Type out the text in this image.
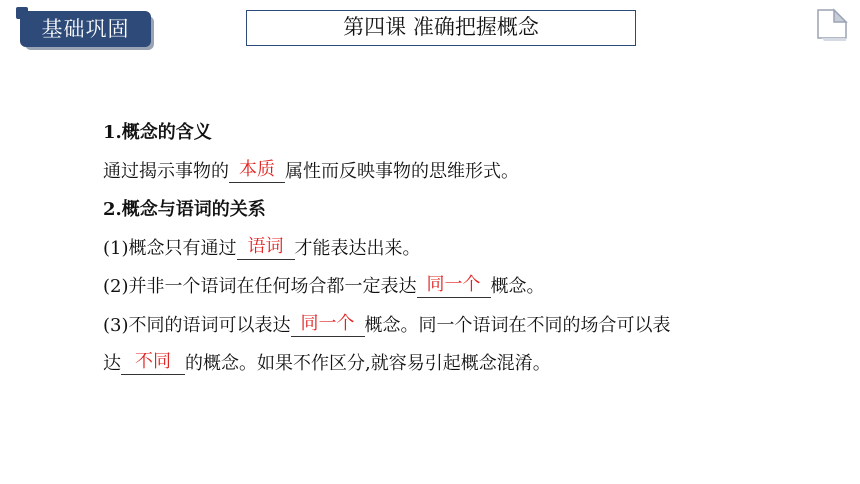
基础巩固	第四课 准确把握概念
1.概念的含义
通过揭示事物的 本质 属性而反映事物的思维形式。
2.概念与语词的关系
(1)概念只有通过 语词 才能表达出来。
(2)并非一个语词在任何场合都一定表达 同一个 概念。
(3)不同的语词可以表达 同一个 概念。同一个语词在不同的场合可以表
达 不同 的概念。如果不作区分,就容易引起概念混淆。
